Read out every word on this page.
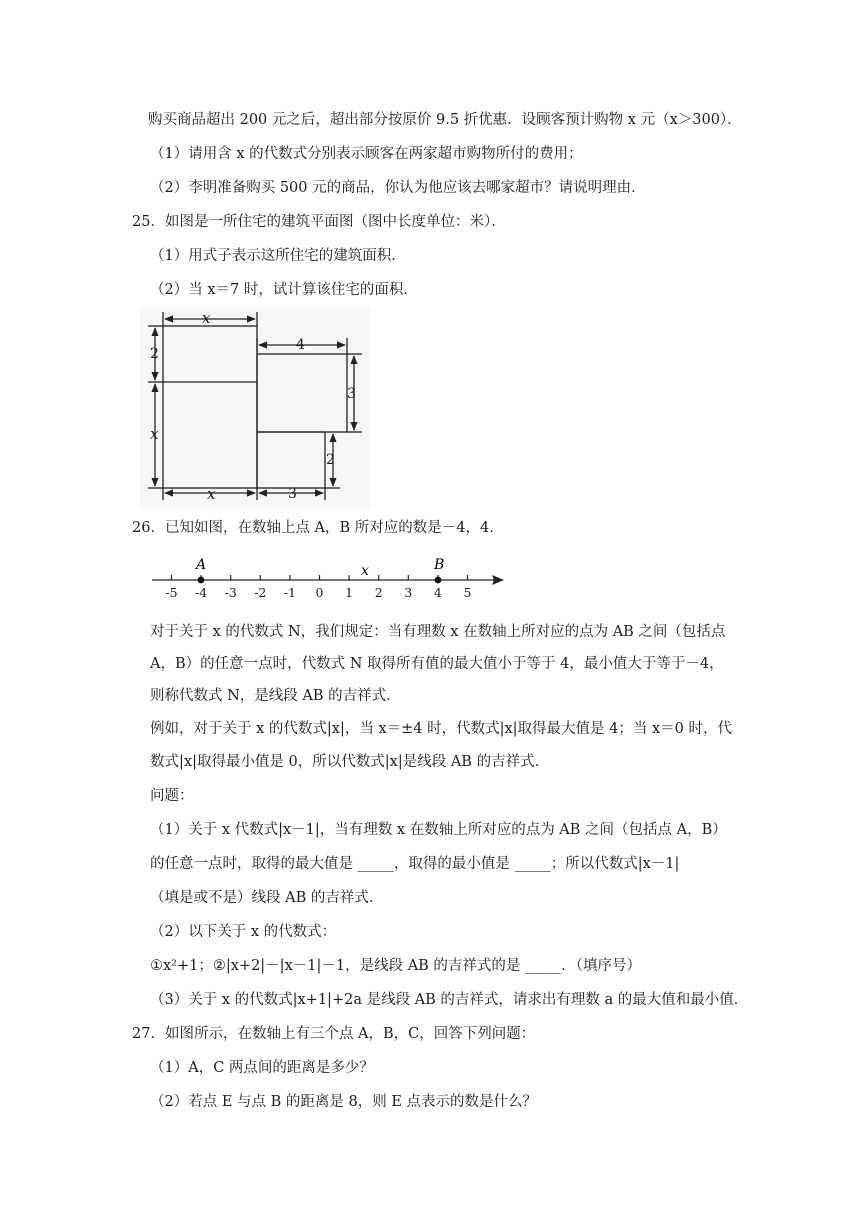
购买商品超出 200 元之后，超出部分按原价 9.5 折优惠．设顾客预计购物 x 元（x＞300）．
（1）请用含 x 的代数式分别表示顾客在两家超市购物所付的费用；
（2）李明准备购买 500 元的商品，你认为他应该去哪家超市？请说明理由．
25．如图是一所住宅的建筑平面图（图中长度单位：米）．
（1）用式子表示这所住宅的建筑面积．
（2）当 x＝7 时，试计算该住宅的面积．
x
x
x
4
2
3
2
3
26．已知如图，在数轴上点 A，B 所对应的数是－4，4．
-5 -4 -3 -2 -1 0 1 2 3 4 5
A	B
x
对于关于 x 的代数式 N，我们规定：当有理数 x 在数轴上所对应的点为 AB 之间（包括点
A，B）的任意一点时，代数式 N 取得所有值的最大值小于等于 4，最小值大于等于－4，
则称代数式 N，是线段 AB 的吉祥式．
例如，对于关于 x 的代数式|x|，当 x＝±4 时，代数式|x|取得最大值是 4；当 x＝0 时，代
数式|x|取得最小值是 0，所以代数式|x|是线段 AB 的吉祥式．
问题：
（1）关于 x 代数式|x－1|，当有理数 x 在数轴上所对应的点为 AB 之间（包括点 A，B）
的任意一点时，取得的最大值是 _____，取得的最小值是 _____；所以代数式|x－1|
（填是或不是）线段 AB 的吉祥式．
（2）以下关于 x 的代数式：
①x²+1；②|x+2|－|x－1|－1，是线段 AB 的吉祥式的是 _____．（填序号）
（3）关于 x 的代数式|x+1|+2a 是线段 AB 的吉祥式，请求出有理数 a 的最大值和最小值．
27．如图所示，在数轴上有三个点 A，B，C，回答下列问题：
（1）A，C 两点间的距离是多少？
（2）若点 E 与点 B 的距离是 8，则 E 点表示的数是什么？
